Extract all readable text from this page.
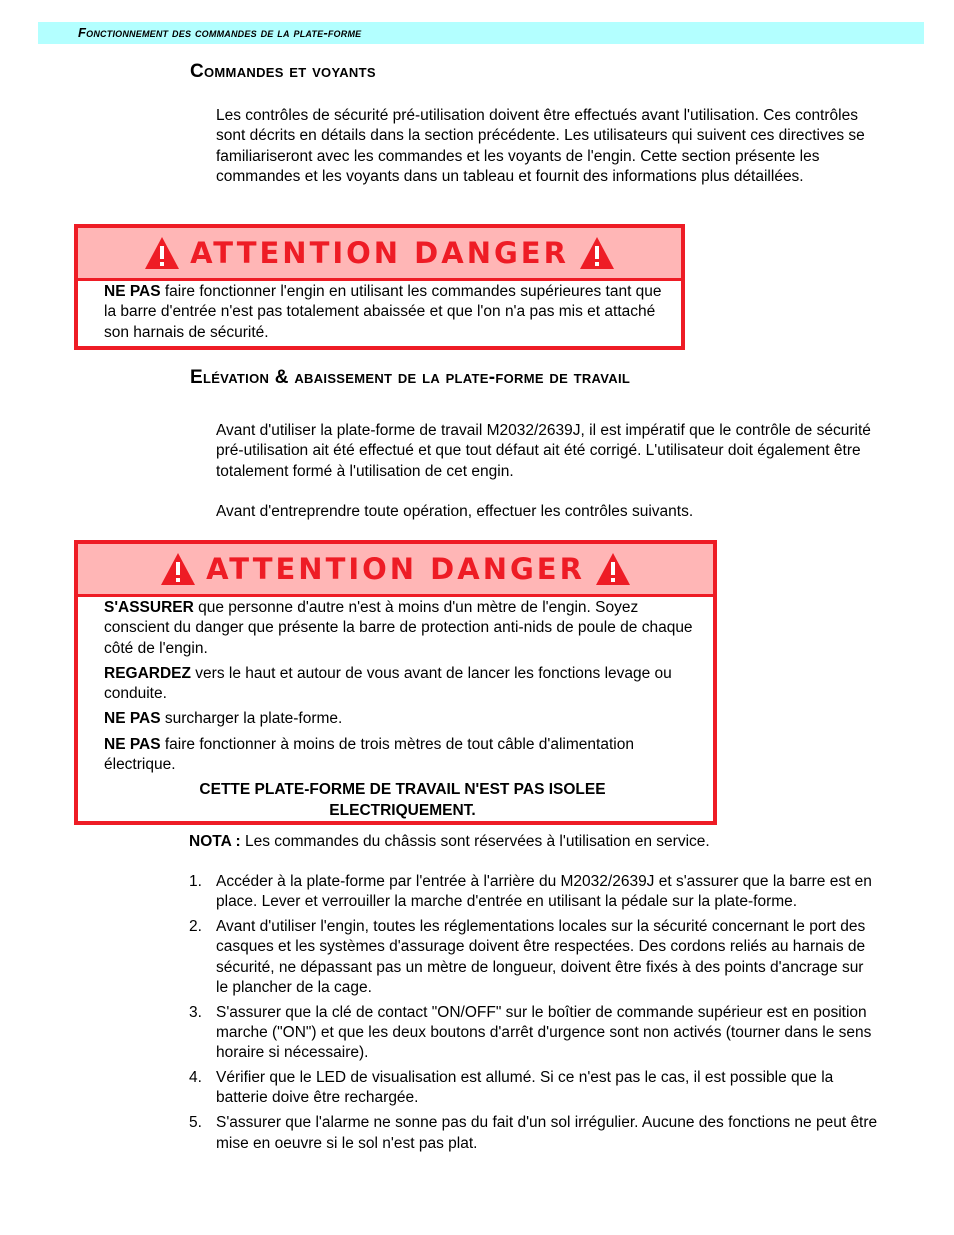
Fonctionnement des commandes de la plate-forme
Commandes et voyants

Les contrôles de sécurité pré-utilisation doivent être effectués avant l'utilisation. Ces contrôles sont décrits en détails dans la section précédente. Les utilisateurs qui suivent ces directives se familiariseront avec les commandes et les voyants de l'engin. Cette section présente les commandes et les voyants dans un tableau et fournit des informations plus détaillées.

ATTENTION DANGER

NE PAS faire fonctionner l'engin en utilisant les commandes supérieures tant que la barre d'entrée n'est pas totalement abaissée et que l'on n'a pas mis et attaché son harnais de sécurité.

Elévation & abaissement de la plate-forme de travail

Avant d'utiliser la plate-forme de travail M2032/2639J, il est impératif que le contrôle de sécurité pré-utilisation ait été effectué et que tout défaut ait été corrigé. L'utilisateur doit également être totalement formé à l'utilisation de cet engin.

Avant d'entreprendre toute opération, effectuer les contrôles suivants.

ATTENTION DANGER

S'ASSURER que personne d'autre n'est à moins d'un mètre de l'engin. Soyez conscient du danger que présente la barre de protection anti-nids de poule de chaque côté de l'engin.

REGARDEZ vers le haut et autour de vous avant de lancer les fonctions levage ou conduite.

NE PAS surcharger la plate-forme.

NE PAS faire fonctionner à moins de trois mètres de tout câble d'alimentation électrique.

CETTE PLATE-FORME DE TRAVAIL N'EST PAS ISOLEE ELECTRIQUEMENT.

NOTA : Les commandes du châssis sont réservées à l'utilisation en service.

1. Accéder à la plate-forme par l'entrée à l'arrière du M2032/2639J et s'assurer que la barre est en place. Lever et verrouiller la marche d'entrée en utilisant la pédale sur la plate-forme.
2. Avant d'utiliser l'engin, toutes les réglementations locales sur la sécurité concernant le port des casques et les systèmes d'assurage doivent être respectées. Des cordons reliés au harnais de sécurité, ne dépassant pas un mètre de longueur, doivent être fixés à des points d'ancrage sur le plancher de la cage.
3. S'assurer que la clé de contact "ON/OFF" sur le boîtier de commande supérieur est en position marche ("ON") et que les deux boutons d'arrêt d'urgence sont non activés (tourner dans le sens horaire si nécessaire).
4. Vérifier que le LED de visualisation est allumé. Si ce n'est pas le cas, il est possible que la batterie doive être rechargée.
5. S'assurer que l'alarme ne sonne pas du fait d'un sol irrégulier. Aucune des fonctions ne peut être mise en oeuvre si le sol n'est pas plat.
